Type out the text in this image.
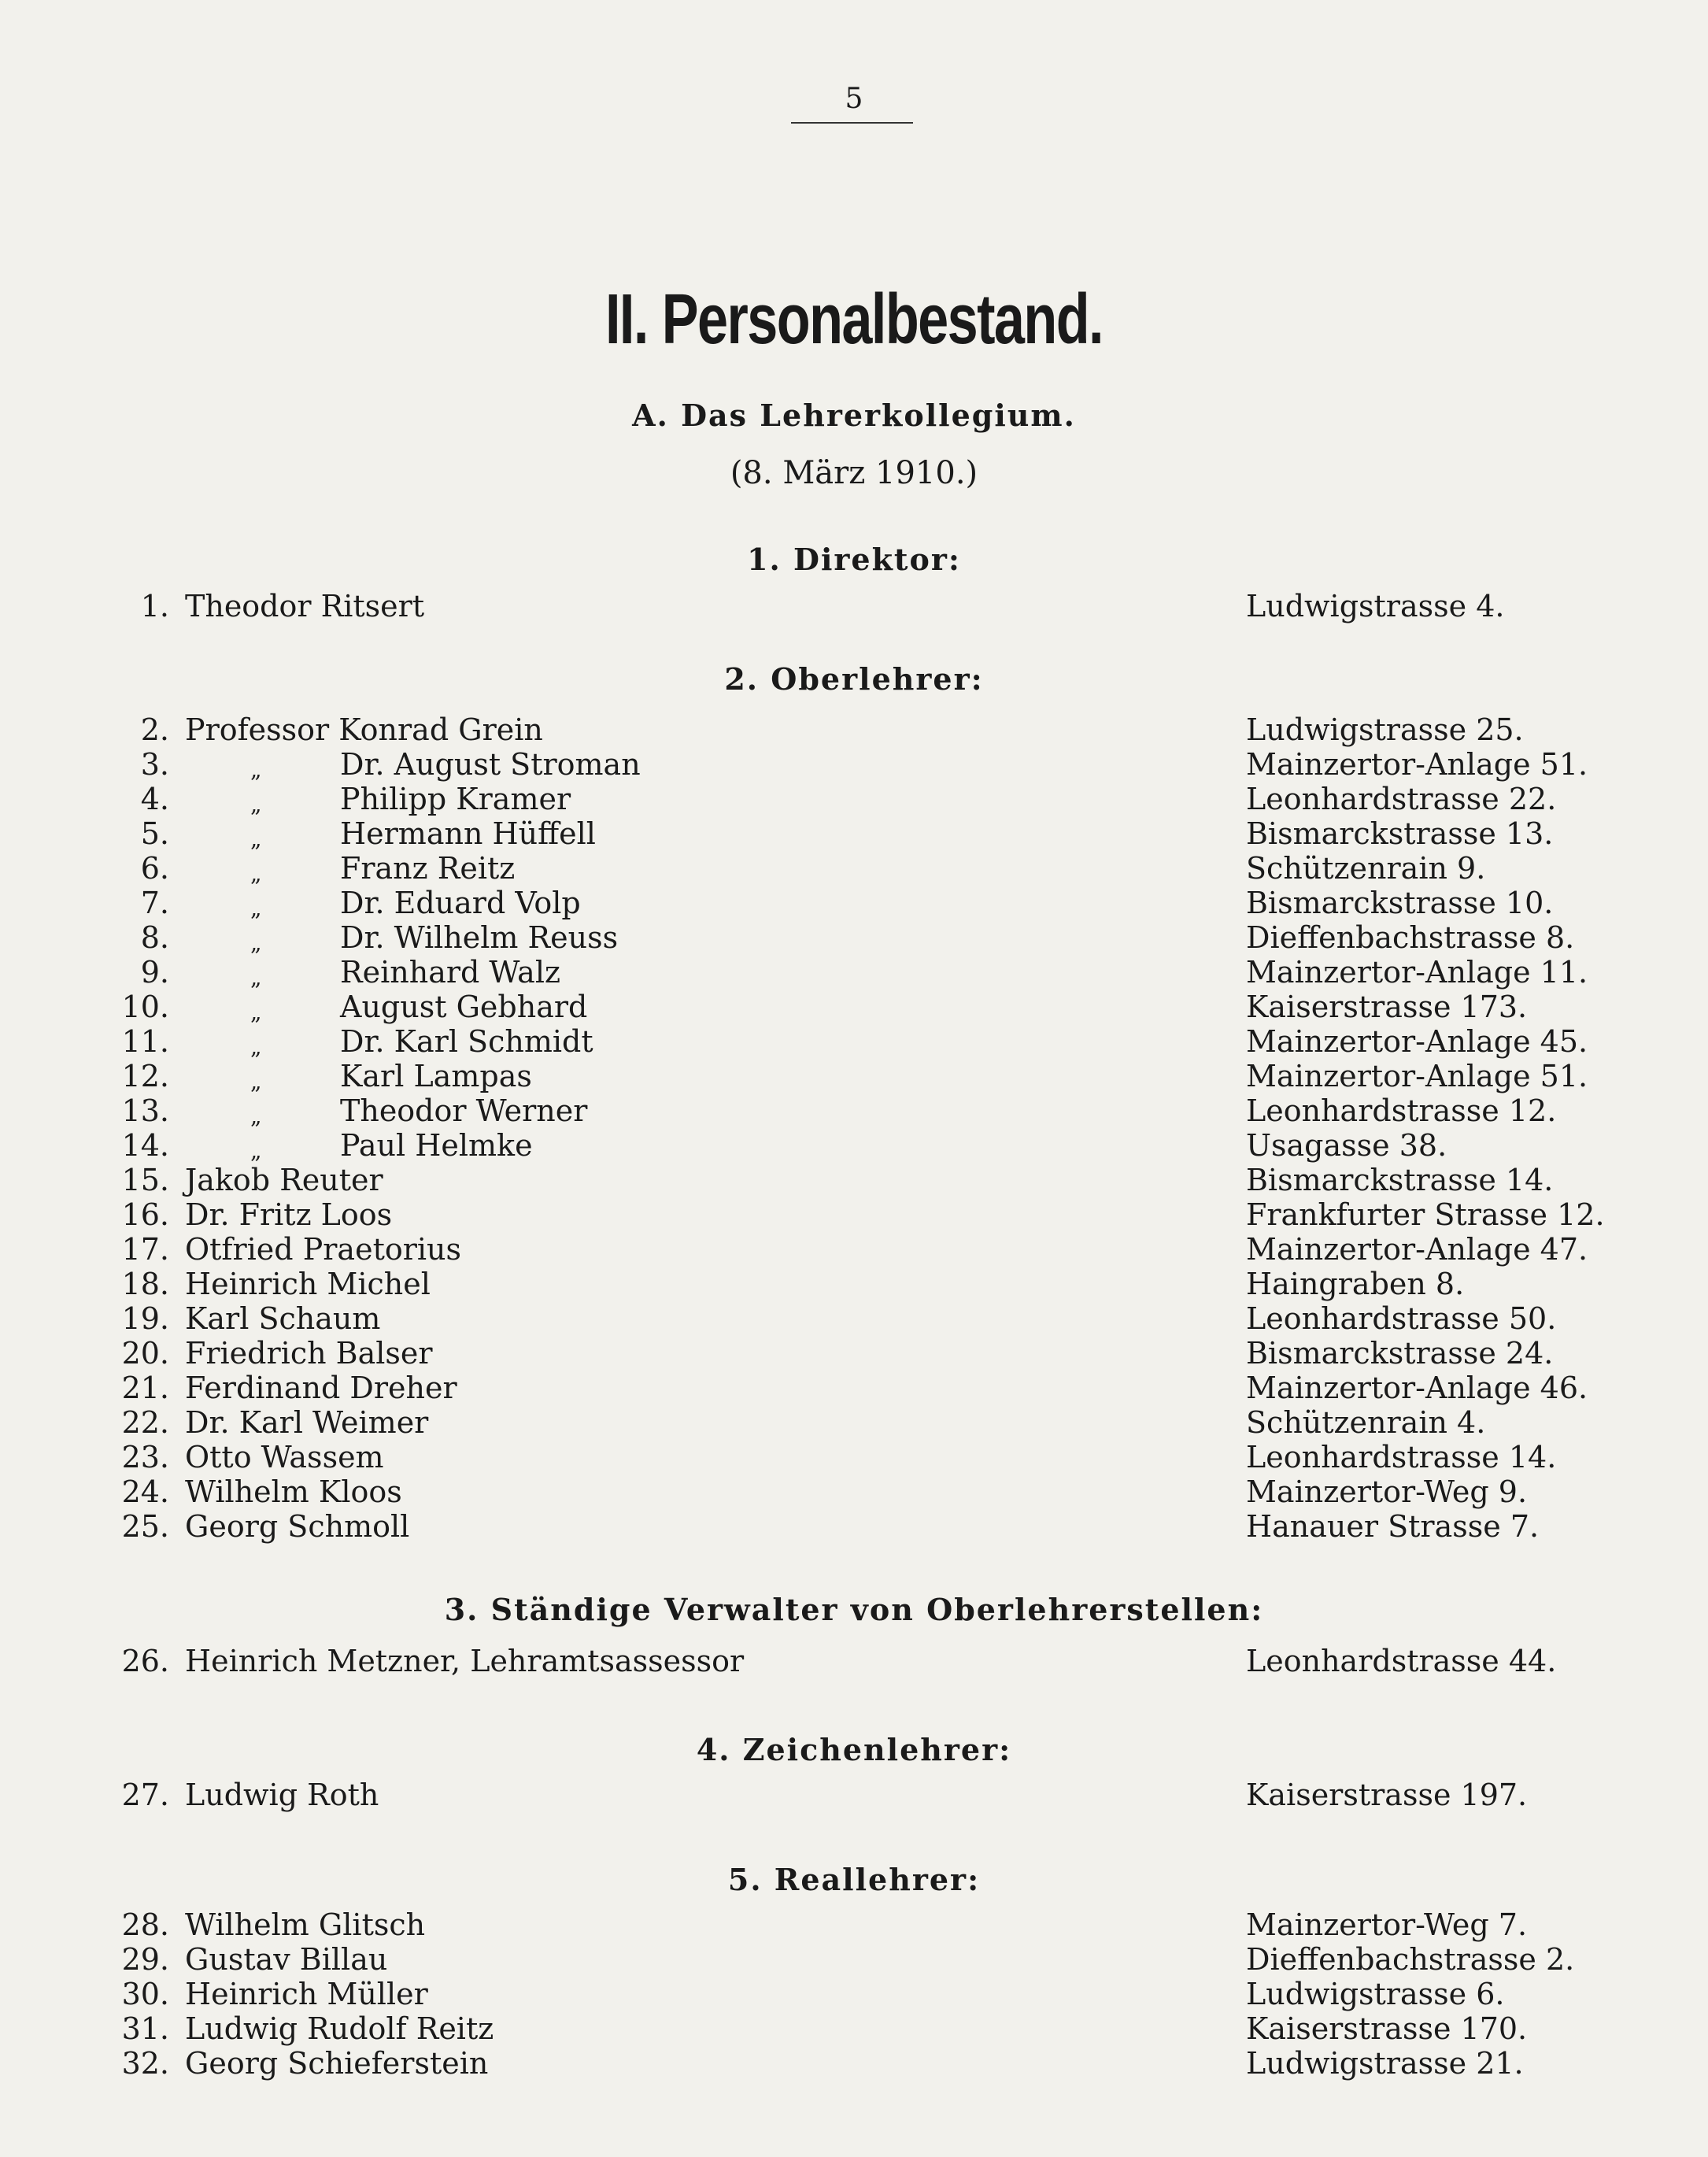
5
II. Personalbestand.
A. Das Lehrerkollegium.
(8. März 1910.)
1. Direktor:
1. Theodor Ritsert	Ludwigstrasse 4.
2. Oberlehrer:
2. Professor Konrad Grein	Ludwigstrasse 25.
3.	„	Dr. August Stroman	Mainzertor-Anlage 51.
4.	„	Philipp Kramer	Leonhardstrasse 22.
5.	„	Hermann Hüffell	Bismarckstrasse 13.
6.	„	Franz Reitz	Schützenrain 9.
7.	„	Dr. Eduard Volp	Bismarckstrasse 10.
8.	„	Dr. Wilhelm Reuss	Dieffenbachstrasse 8.
9.	„	Reinhard Walz	Mainzertor-Anlage 11.
10.	„	August Gebhard	Kaiserstrasse 173.
11.	„	Dr. Karl Schmidt	Mainzertor-Anlage 45.
12.	„	Karl Lampas	Mainzertor-Anlage 51.
13.	„	Theodor Werner	Leonhardstrasse 12.
14.	„	Paul Helmke	Usagasse 38.
15. Jakob Reuter	Bismarckstrasse 14.
16. Dr. Fritz Loos	Frankfurter Strasse 12.
17. Otfried Praetorius	Mainzertor-Anlage 47.
18. Heinrich Michel	Haingraben 8.
19. Karl Schaum	Leonhardstrasse 50.
20. Friedrich Balser	Bismarckstrasse 24.
21. Ferdinand Dreher	Mainzertor-Anlage 46.
22. Dr. Karl Weimer	Schützenrain 4.
23. Otto Wassem	Leonhardstrasse 14.
24. Wilhelm Kloos	Mainzertor-Weg 9.
25. Georg Schmoll	Hanauer Strasse 7.
3. Ständige Verwalter von Oberlehrerstellen:
26. Heinrich Metzner, Lehramtsassessor	Leonhardstrasse 44.
4. Zeichenlehrer:
27. Ludwig Roth	Kaiserstrasse 197.
5. Reallehrer:
28. Wilhelm Glitsch	Mainzertor-Weg 7.
29. Gustav Billau	Dieffenbachstrasse 2.
30. Heinrich Müller	Ludwigstrasse 6.
31. Ludwig Rudolf Reitz	Kaiserstrasse 170.
32. Georg Schieferstein	Ludwigstrasse 21.
